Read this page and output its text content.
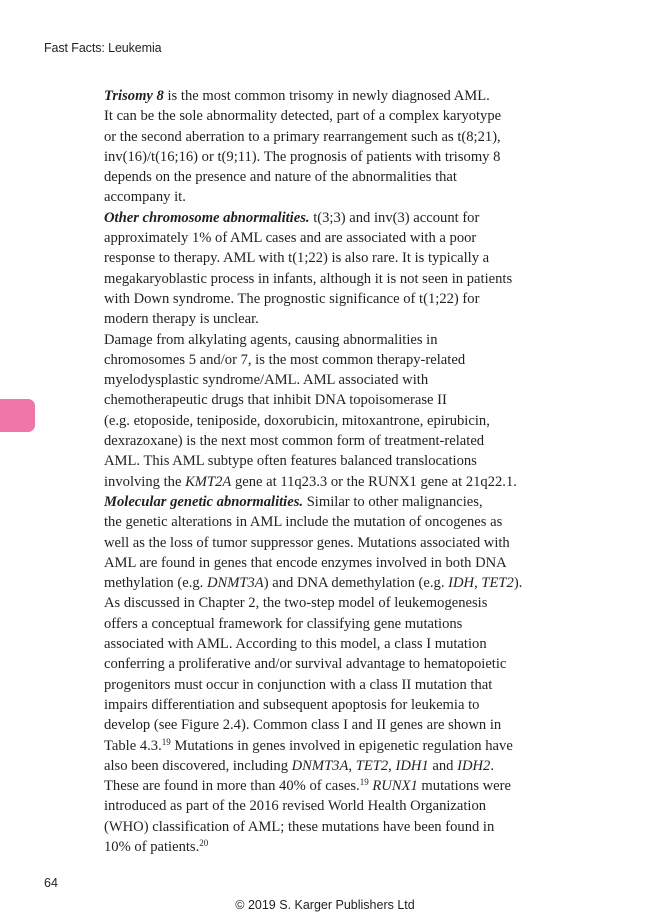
Fast Facts: Leukemia

Trisomy 8 is the most common trisomy in newly diagnosed AML.
It can be the sole abnormality detected, part of a complex karyotype
or the second aberration to a primary rearrangement such as t(8;21),
inv(16)/t(16;16) or t(9;11). The prognosis of patients with trisomy 8
depends on the presence and nature of the abnormalities that
accompany it.

Other chromosome abnormalities. t(3;3) and inv(3) account for
approximately 1% of AML cases and are associated with a poor
response to therapy. AML with t(1;22) is also rare. It is typically a
megakaryoblastic process in infants, although it is not seen in patients
with Down syndrome. The prognostic significance of t(1;22) for
modern therapy is unclear.

Damage from alkylating agents, causing abnormalities in
chromosomes 5 and/or 7, is the most common therapy-related
myelodysplastic syndrome/AML. AML associated with
chemotherapeutic drugs that inhibit DNA topoisomerase II
(e.g. etoposide, teniposide, doxorubicin, mitoxantrone, epirubicin,
dexrazoxane) is the next most common form of treatment-related
AML. This AML subtype often features balanced translocations
involving the KMT2A gene at 11q23.3 or the RUNX1 gene at 21q22.1.

Molecular genetic abnormalities. Similar to other malignancies,
the genetic alterations in AML include the mutation of oncogenes as
well as the loss of tumor suppressor genes. Mutations associated with
AML are found in genes that encode enzymes involved in both DNA
methylation (e.g. DNMT3A) and DNA demethylation (e.g. IDH, TET2).

As discussed in Chapter 2, the two-step model of leukemogenesis
offers a conceptual framework for classifying gene mutations
associated with AML. According to this model, a class I mutation
conferring a proliferative and/or survival advantage to hematopoietic
progenitors must occur in conjunction with a class II mutation that
impairs differentiation and subsequent apoptosis for leukemia to
develop (see Figure 2.4). Common class I and II genes are shown in
Table 4.3.19 Mutations in genes involved in epigenetic regulation have
also been discovered, including DNMT3A, TET2, IDH1 and IDH2.
These are found in more than 40% of cases.$^{19}$ RUNX1 mutations were
introduced as part of the 2016 revised World Health Organization
(WHO) classification of AML; these mutations have been found in
10% of patients.$^{20}$

64
© 2019 S. Karger Publishers Ltd
